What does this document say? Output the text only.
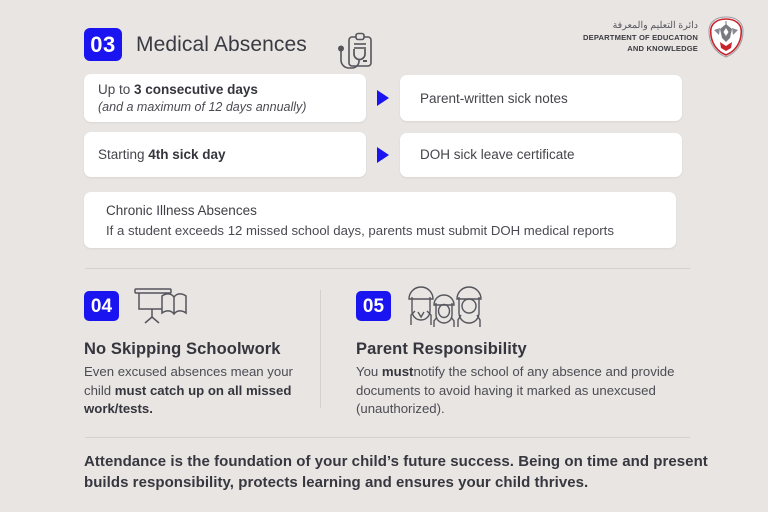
03 Medical Absences
دائرة التعليم والمعرفة
DEPARTMENT OF EDUCATION
AND KNOWLEDGE
Up to 3 consecutive days
(and a maximum of 12 days annually)
Parent-written sick notes
Starting 4th sick day	DOH sick leave certificate
Chronic Illness Absences
If a student exceeds 12 missed school days, parents must submit DOH medical reports
04
No Skipping Schoolwork
Even excused absences mean your child must catch up on all missed work/tests.
05
Parent Responsibility
You mustnotify the school of any absence and provide documents to avoid having it marked as unexcused (unauthorized).
Attendance is the foundation of your child’s future success. Being on time and present builds responsibility, protects learning and ensures your child thrives.
